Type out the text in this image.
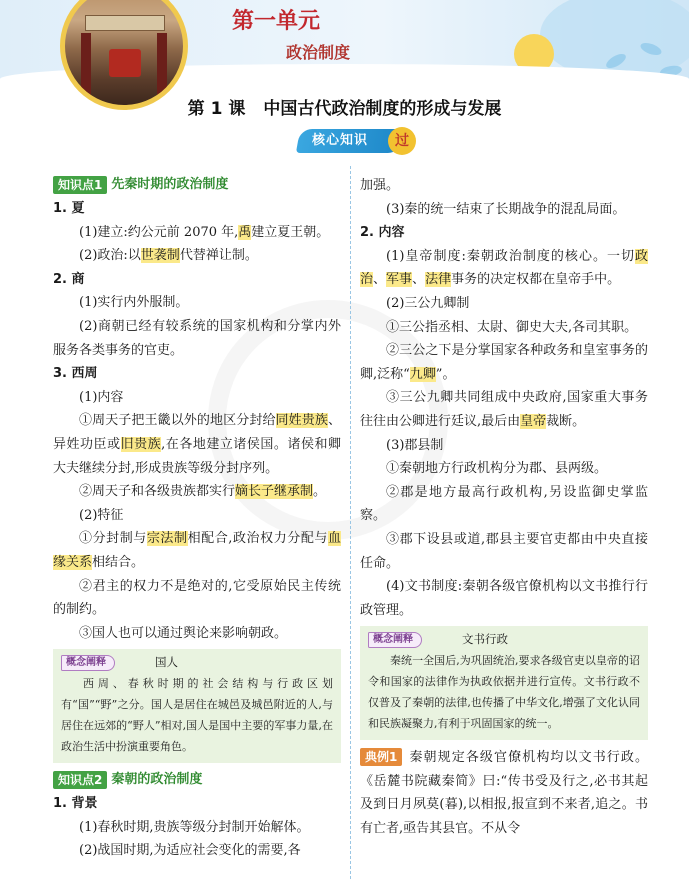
第一单元
政治制度
第 1 课 中国古代政治制度的形成与发展
核心知识	过
知识点1 先秦时期的政治制度
1. 夏
(1)建立:约公元前 2070 年,禹建立夏王朝。
(2)政治:以世袭制代替禅让制。
2. 商
(1)实行内外服制。
(2)商朝已经有较系统的国家机构和分掌内外服务各类事务的官吏。
3. 西周
(1)内容
①周天子把王畿以外的地区分封给同姓贵族、异姓功臣或旧贵族,在各地建立诸侯国。诸侯和卿大夫继续分封,形成贵族等级分封序列。
②周天子和各级贵族都实行嫡长子继承制。
(2)特征
①分封制与宗法制相配合,政治权力分配与血缘关系相结合。
②君主的权力不是绝对的,它受原始民主传统的制约。
③国人也可以通过舆论来影响朝政。
概念阐释	国人
西周、春秋时期的社会结构与行政区划有“国”“野”之分。国人是居住在城邑及城邑附近的人,与居住在远郊的“野人”相对,国人是国中主要的军事力量,在政治生活中扮演重要角色。
知识点2 秦朝的政治制度
1. 背景
(1)春秋时期,贵族等级分封制开始解体。
(2)战国时期,为适应社会变化的需要,各
加强。
(3)秦的统一结束了长期战争的混乱局面。
2. 内容
(1)皇帝制度:秦朝政治制度的核心。一切政治、军事、法律事务的决定权都在皇帝手中。
(2)三公九卿制
①三公指丞相、太尉、御史大夫,各司其职。
②三公之下是分掌国家各种政务和皇室事务的卿,泛称“九卿”。
③三公九卿共同组成中央政府,国家重大事务往往由公卿进行廷议,最后由皇帝裁断。
(3)郡县制
①秦朝地方行政机构分为郡、县两级。
②郡是地方最高行政机构,另设监御史掌监察。
③郡下设县或道,郡县主要官吏都由中央直接任命。
(4)文书制度:秦朝各级官僚机构以文书推行行政管理。
概念阐释	文书行政
秦统一全国后,为巩固统治,要求各级官吏以皇帝的诏令和国家的法律作为执政依据并进行宣传。文书行政不仅普及了秦朝的法律,也传播了中华文化,增强了文化认同和民族凝聚力,有利于巩固国家的统一。
典例1 秦朝规定各级官僚机构均以文书行政。《岳麓书院藏秦简》曰:“传书受及行之,必书其起及到日月夙莫(暮),以相报,报宣到不来者,追之。书有亡者,亟告其县官。不从令
